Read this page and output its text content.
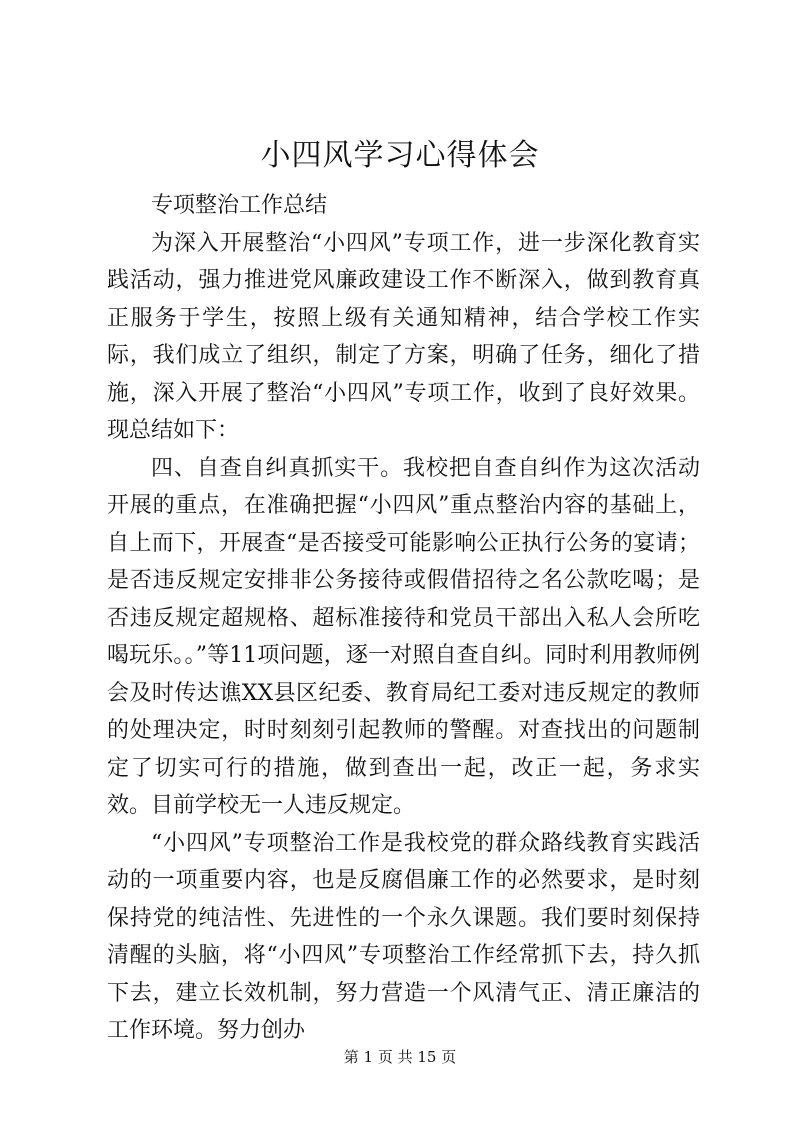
小四风学习心得体会

专项整治工作总结

为深入开展整治“小四风”专项工作，进一步深化教育实践活动，强力推进党风廉政建设工作不断深入，做到教育真正服务于学生，按照上级有关通知精神，结合学校工作实际，我们成立了组织，制定了方案，明确了任务，细化了措施，深入开展了整治“小四风”专项工作，收到了良好效果。现总结如下：

四、自查自纠真抓实干。我校把自查自纠作为这次活动开展的重点，在准确把握“小四风”重点整治内容的基础上，自上而下，开展查“是否接受可能影响公正执行公务的宴请；是否违反规定安排非公务接待或假借招待之名公款吃喝；是否违反规定超规格、超标准接待和党员干部出入私人会所吃喝玩乐。。”等11项问题，逐一对照自查自纠。同时利用教师例会及时传达谯XX县区纪委、教育局纪工委对违反规定的教师的处理决定，时时刻刻引起教师的警醒。对查找出的问题制定了切实可行的措施，做到查出一起，改正一起，务求实效。目前学校无一人违反规定。

“小四风”专项整治工作是我校党的群众路线教育实践活动的一项重要内容，也是反腐倡廉工作的必然要求，是时刻保持党的纯洁性、先进性的一个永久课题。我们要时刻保持清醒的头脑，将“小四风”专项整治工作经常抓下去，持久抓下去，建立长效机制，努力营造一个风清气正、清正廉洁的工作环境。努力创办

第 1 页 共 15 页
